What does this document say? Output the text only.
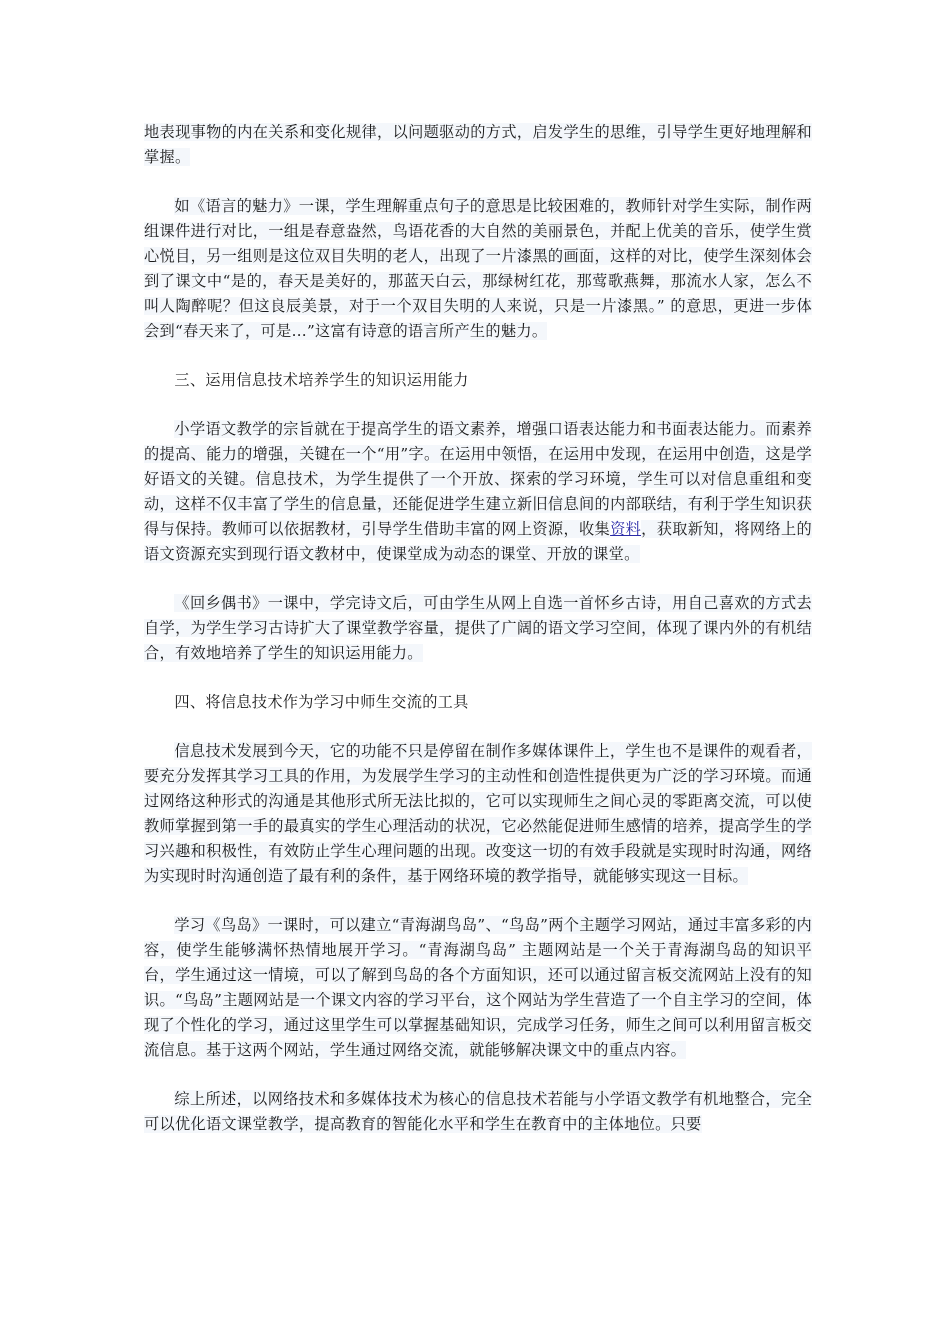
地表现事物的内在关系和变化规律，以问题驱动的方式，启发学生的思维，引导学生更好地理解和掌握。

如《语言的魅力》一课，学生理解重点句子的意思是比较困难的，教师针对学生实际，制作两组课件进行对比，一组是春意盎然，鸟语花香的大自然的美丽景色，并配上优美的音乐，使学生赏心悦目，另一组则是这位双目失明的老人，出现了一片漆黑的画面，这样的对比，使学生深刻体会到了课文中“是的，春天是美好的，那蓝天白云，那绿树红花，那莺歌燕舞，那流水人家，怎么不叫人陶醉呢？但这良辰美景，对于一个双目失明的人来说，只是一片漆黑。” 的意思，更进一步体会到“春天来了，可是…”这富有诗意的语言所产生的魅力。

三、运用信息技术培养学生的知识运用能力

小学语文教学的宗旨就在于提高学生的语文素养，增强口语表达能力和书面表达能力。而素养的提高、能力的增强，关键在一个“用”字。在运用中领悟，在运用中发现，在运用中创造，这是学好语文的关键。信息技术，为学生提供了一个开放、探索的学习环境，学生可以对信息重组和变动，这样不仅丰富了学生的信息量，还能促进学生建立新旧信息间的内部联结，有利于学生知识获得与保持。教师可以依据教材，引导学生借助丰富的网上资源，收集资料，获取新知，将网络上的语文资源充实到现行语文教材中，使课堂成为动态的课堂、开放的课堂。

《回乡偶书》一课中，学完诗文后，可由学生从网上自选一首怀乡古诗，用自己喜欢的方式去自学，为学生学习古诗扩大了课堂教学容量，提供了广阔的语文学习空间，体现了课内外的有机结合，有效地培养了学生的知识运用能力。

四、将信息技术作为学习中师生交流的工具

信息技术发展到今天，它的功能不只是停留在制作多媒体课件上，学生也不是课件的观看者，要充分发挥其学习工具的作用，为发展学生学习的主动性和创造性提供更为广泛的学习环境。而通过网络这种形式的沟通是其他形式所无法比拟的，它可以实现师生之间心灵的零距离交流，可以使教师掌握到第一手的最真实的学生心理活动的状况，它必然能促进师生感情的培养，提高学生的学习兴趣和积极性，有效防止学生心理问题的出现。改变这一切的有效手段就是实现时时沟通，网络为实现时时沟通创造了最有利的条件，基于网络环境的教学指导，就能够实现这一目标。

学习《鸟岛》一课时，可以建立“青海湖鸟岛”、“鸟岛”两个主题学习网站，通过丰富多彩的内容，使学生能够满怀热情地展开学习。“青海湖鸟岛” 主题网站是一个关于青海湖鸟岛的知识平台，学生通过这一情境，可以了解到鸟岛的各个方面知识，还可以通过留言板交流网站上没有的知识。“鸟岛”主题网站是一个课文内容的学习平台，这个网站为学生营造了一个自主学习的空间，体现了个性化的学习，通过这里学生可以掌握基础知识，完成学习任务，师生之间可以利用留言板交流信息。基于这两个网站，学生通过网络交流，就能够解决课文中的重点内容。

综上所述，以网络技术和多媒体技术为核心的信息技术若能与小学语文教学有机地整合，完全可以优化语文课堂教学，提高教育的智能化水平和学生在教育中的主体地位。只要
